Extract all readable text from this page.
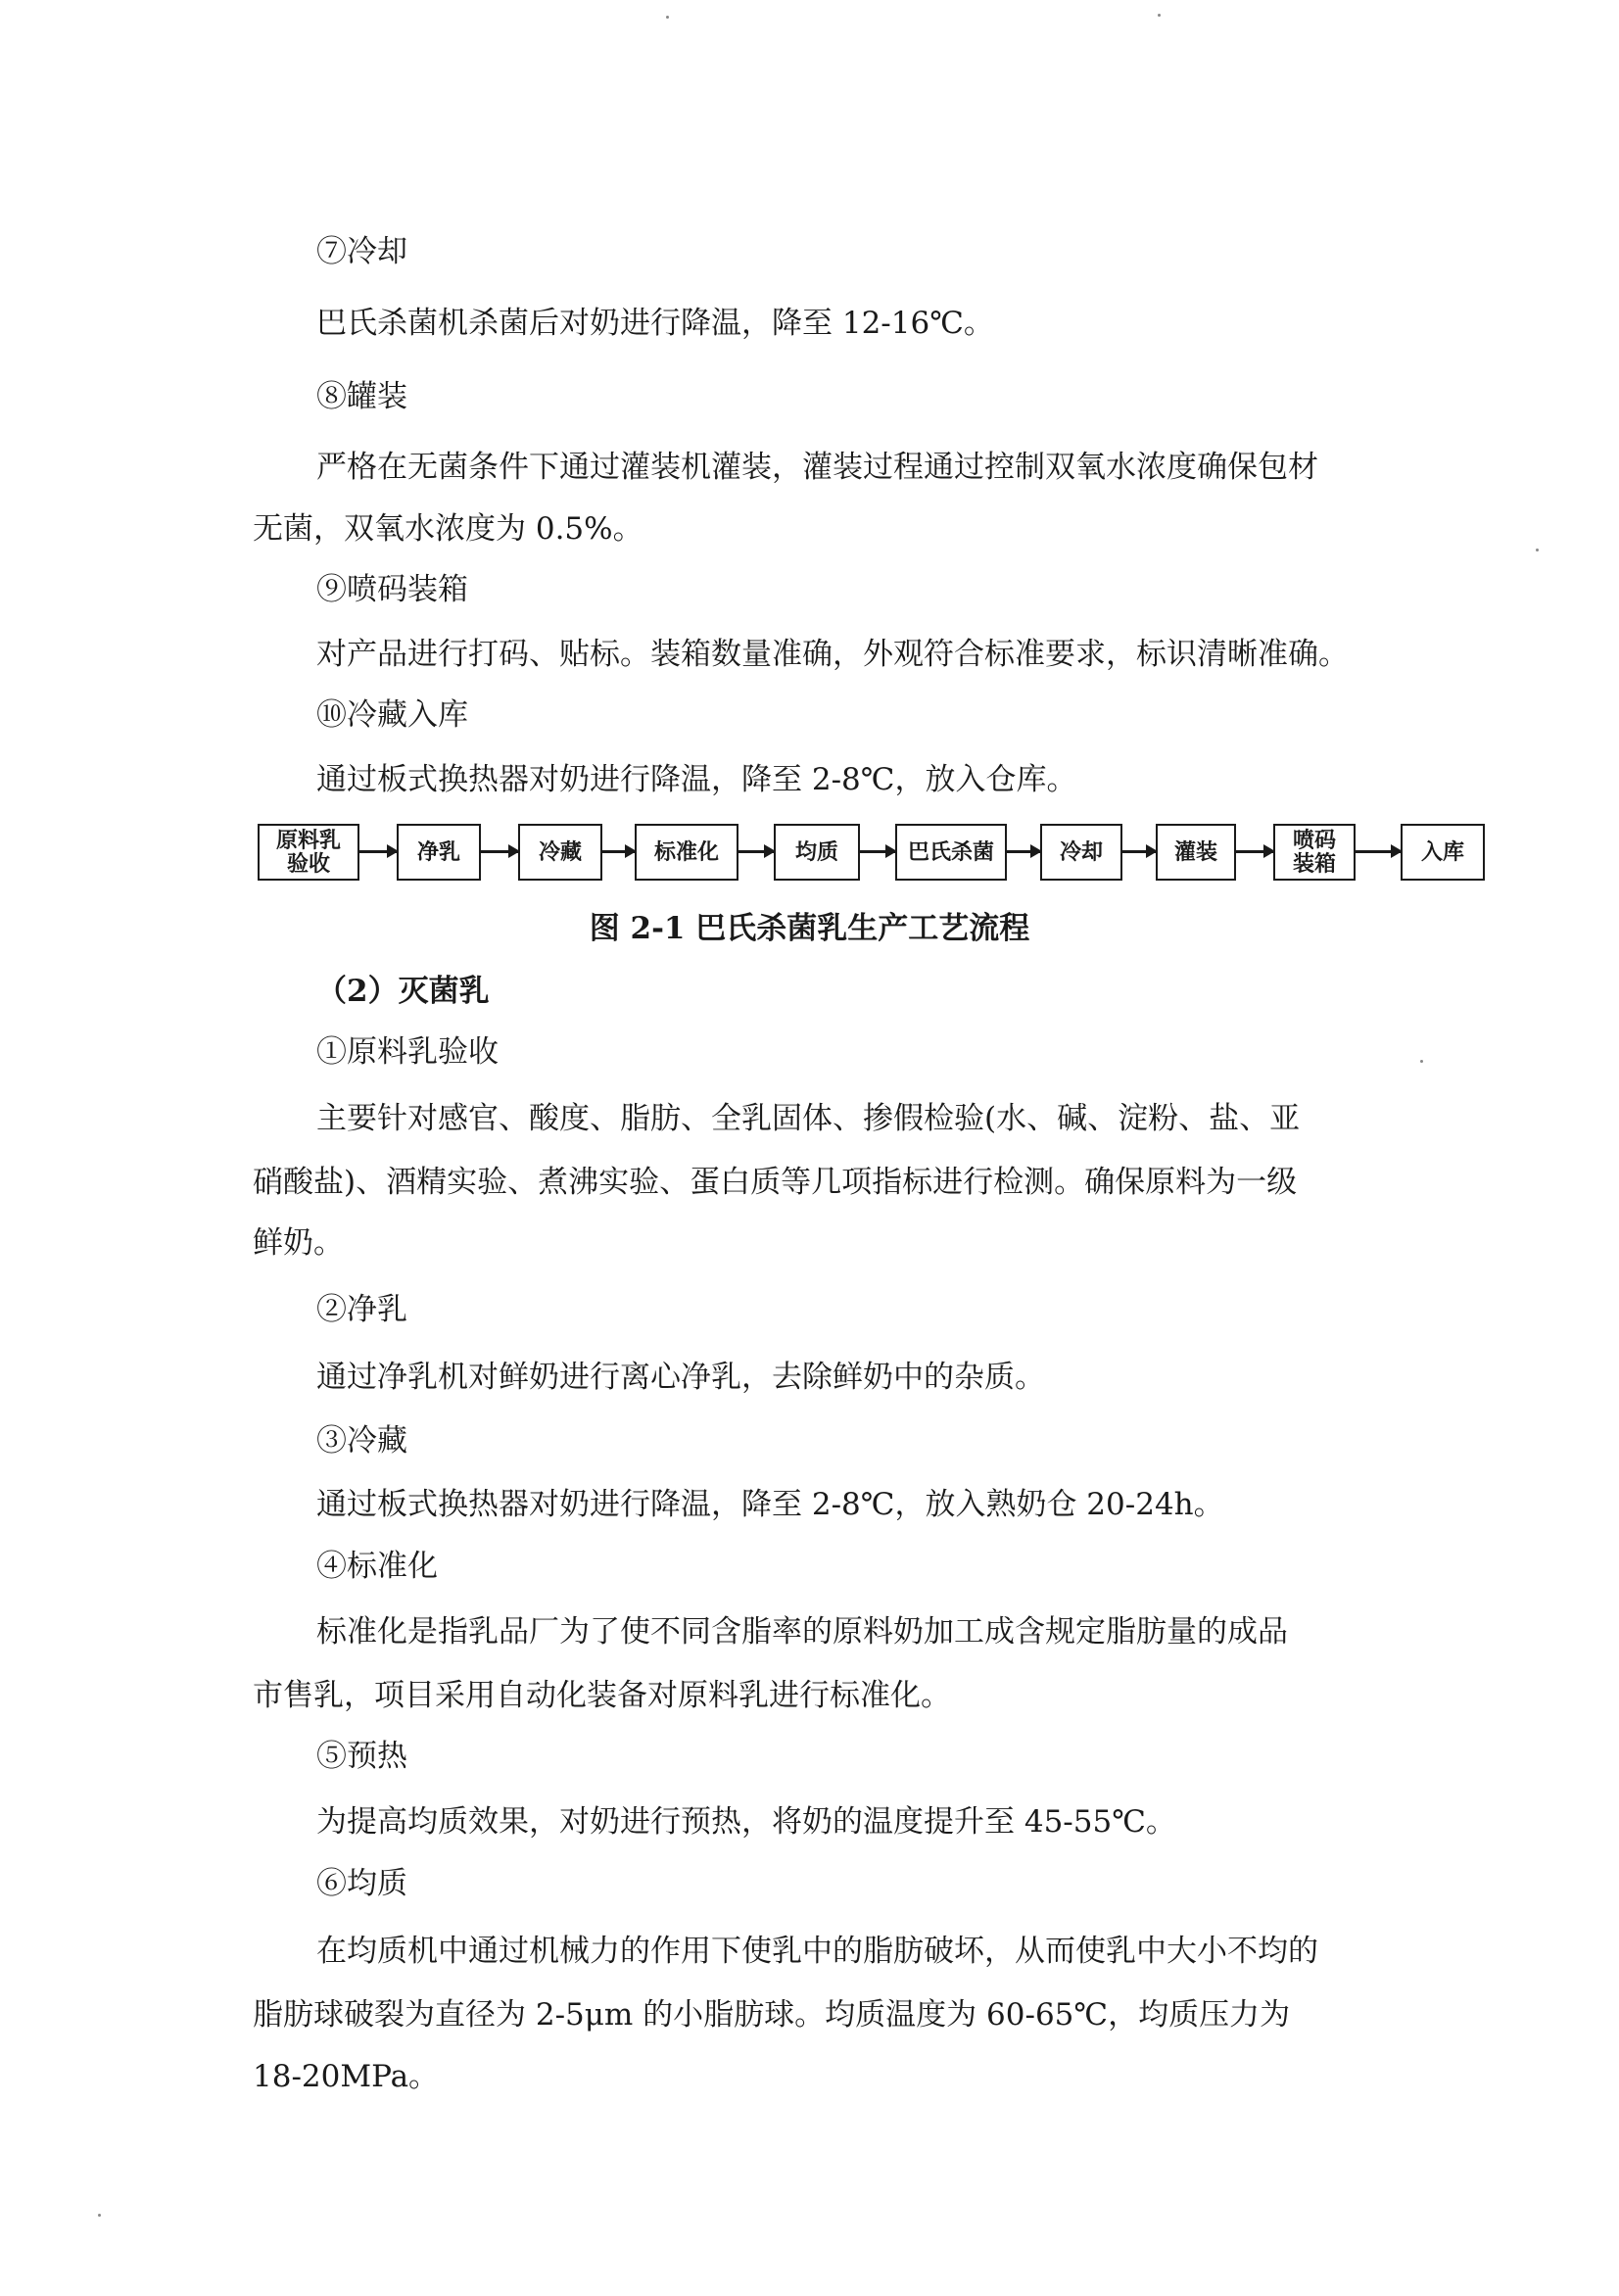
⑦冷却
巴氏杀菌机杀菌后对奶进行降温，降至 12-16℃。
⑧罐装
严格在无菌条件下通过灌装机灌装，灌装过程通过控制双氧水浓度确保包材
无菌，双氧水浓度为 0.5%。
⑨喷码装箱
对产品进行打码、贴标。装箱数量准确，外观符合标准要求，标识清晰准确。
⑩冷藏入库
通过板式换热器对奶进行降温，降至 2-8℃，放入仓库。
原料乳
验收	净乳	冷藏	标准化	均质	巴氏杀菌	冷却	灌装	喷码
装箱	入库
图 2-1 巴氏杀菌乳生产工艺流程
（2）灭菌乳
①原料乳验收
主要针对感官、酸度、脂肪、全乳固体、掺假检验(水、碱、淀粉、盐、亚
硝酸盐)、酒精实验、煮沸实验、蛋白质等几项指标进行检测。确保原料为一级
鲜奶。
②净乳
通过净乳机对鲜奶进行离心净乳，去除鲜奶中的杂质。
③冷藏
通过板式换热器对奶进行降温，降至 2-8℃，放入熟奶仓 20-24h。
④标准化
标准化是指乳品厂为了使不同含脂率的原料奶加工成含规定脂肪量的成品
市售乳，项目采用自动化装备对原料乳进行标准化。
⑤预热
为提高均质效果，对奶进行预热，将奶的温度提升至 45-55℃。
⑥均质
在均质机中通过机械力的作用下使乳中的脂肪破坏，从而使乳中大小不均的
脂肪球破裂为直径为 2-5μm 的小脂肪球。均质温度为 60-65℃，均质压力为
18-20MPa。
